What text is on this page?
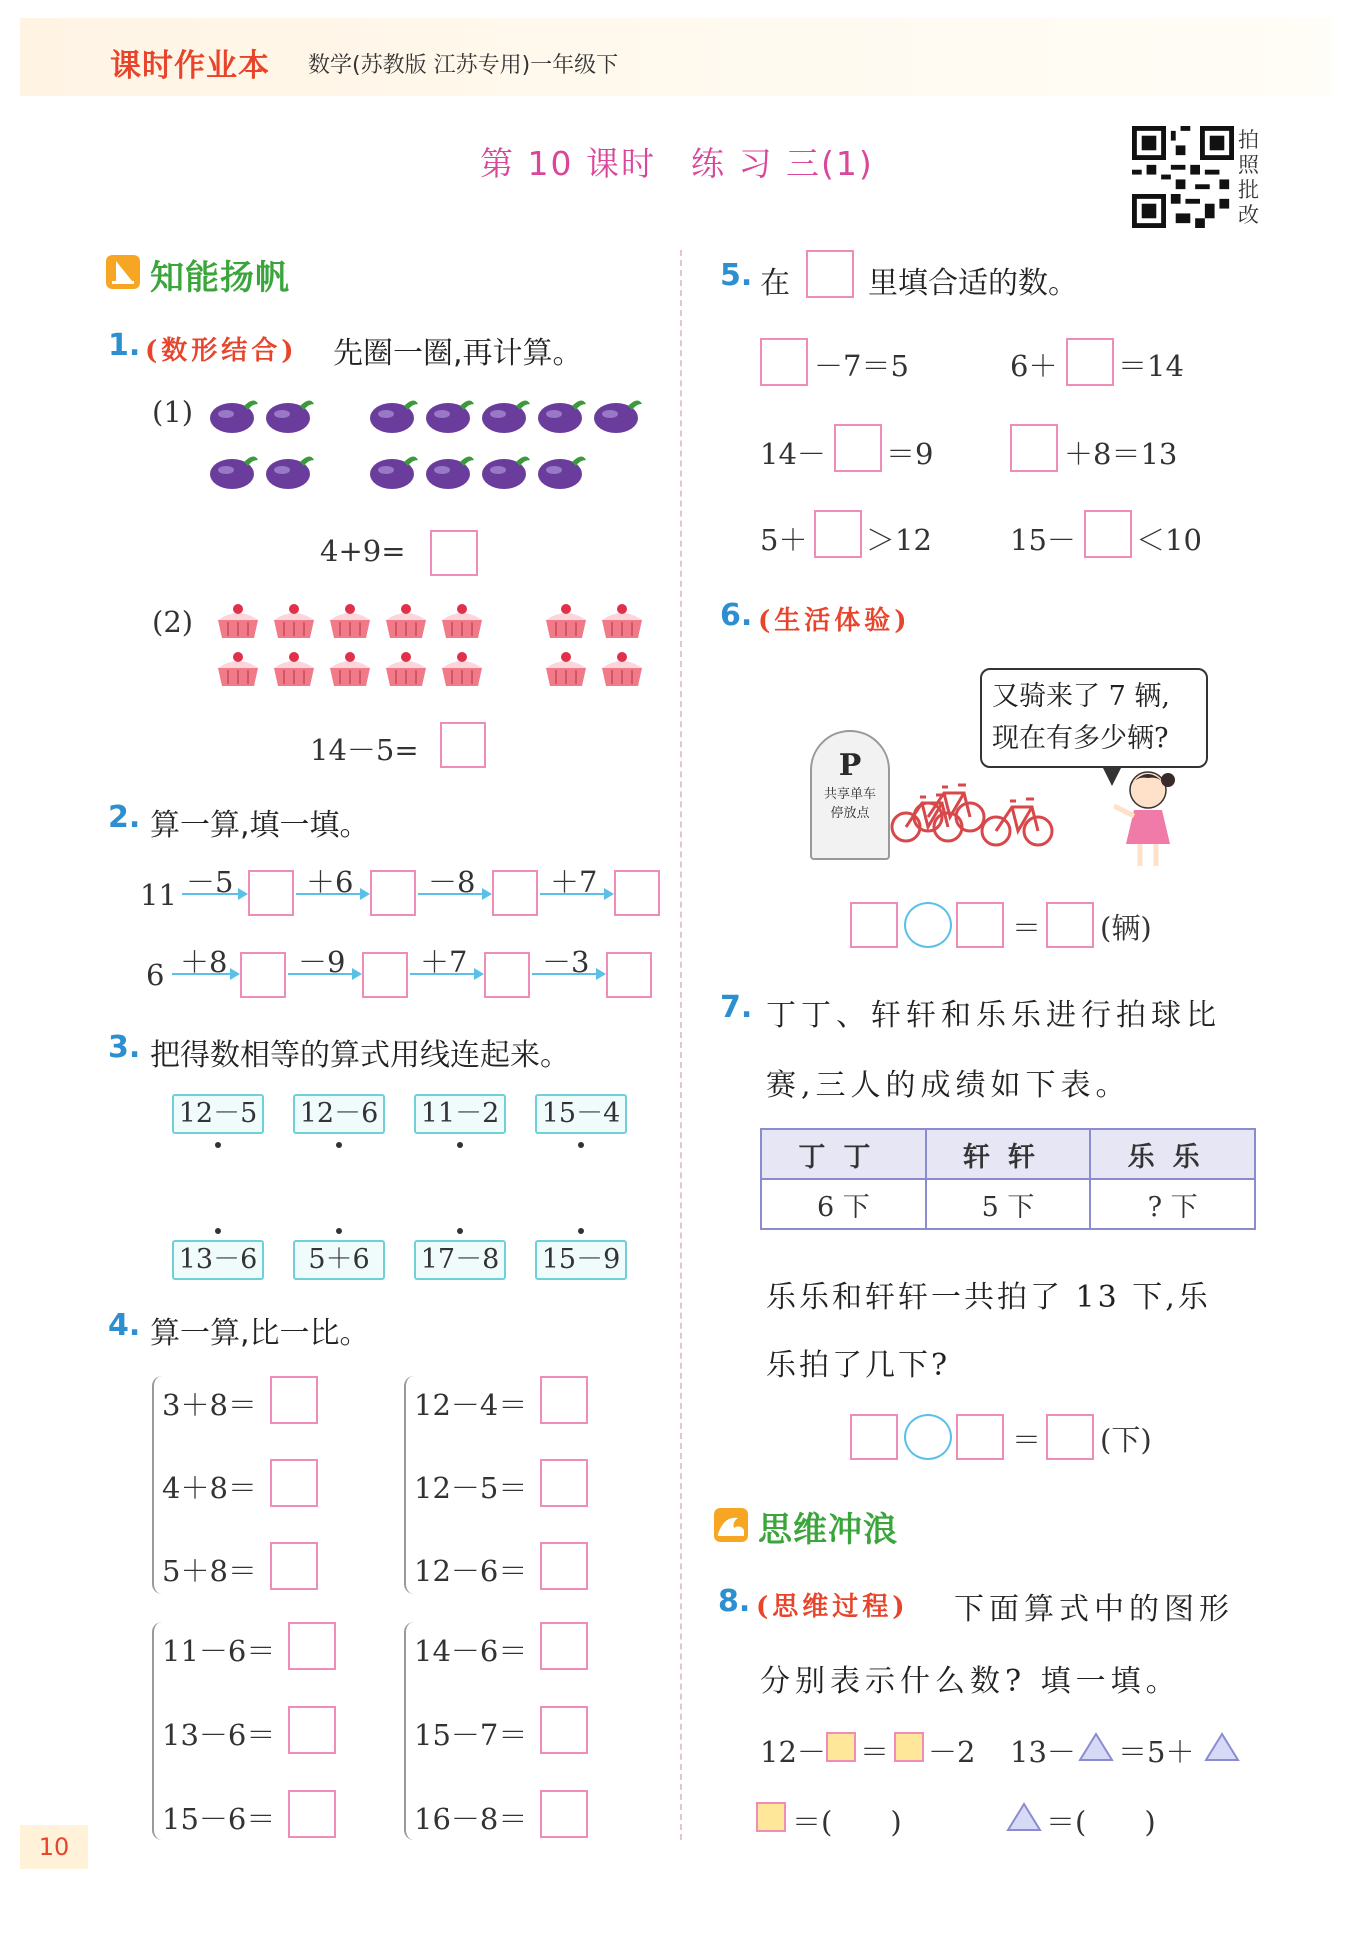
课时作业本 数学(苏教版 江苏专用)一年级下
第 10 课时　练 习 三(1)
拍照批改
知能扬帆
1. (数形结合) 先圈一圈,再计算。
(1)
4+9=
(2)
14－5=
2. 算一算,填一填。
11 －5	＋6	－8	＋7
6 ＋8 －9	＋7	－3
3. 把得数相等的算式用线连起来。
12－5 12－6 11－2 15－4
13－6	5＋6	17－8 15－9
4. 算一算,比一比。
3＋8＝
4＋8＝
5＋8＝
11－6＝
13－6＝
15－6＝
12－4＝
12－5＝
12－6＝
14－6＝
15－7＝
16－8＝
5. 在	里填合适的数。
－7＝5	6＋ ＝14
14－ ＝9	＋8＝13
5＋ ＞12	15－ ＜10
6. (生活体验)
又骑来了 7 辆,
现在有多少辆?
P
共享单车
停放点
＝ (辆)
7. 丁丁、轩轩和乐乐进行拍球比
赛,三人的成绩如下表。
丁丁	轩轩	乐乐
6 下	5 下	? 下
乐乐和轩轩一共拍了 13 下,乐
乐拍了几下?
＝ (下)
思维冲浪
8. (思维过程) 下面算式中的图形
分别表示什么数? 填一填。
12－ ＝ －2 13－ ＝5＋
＝(　　)	＝(　　)
10
